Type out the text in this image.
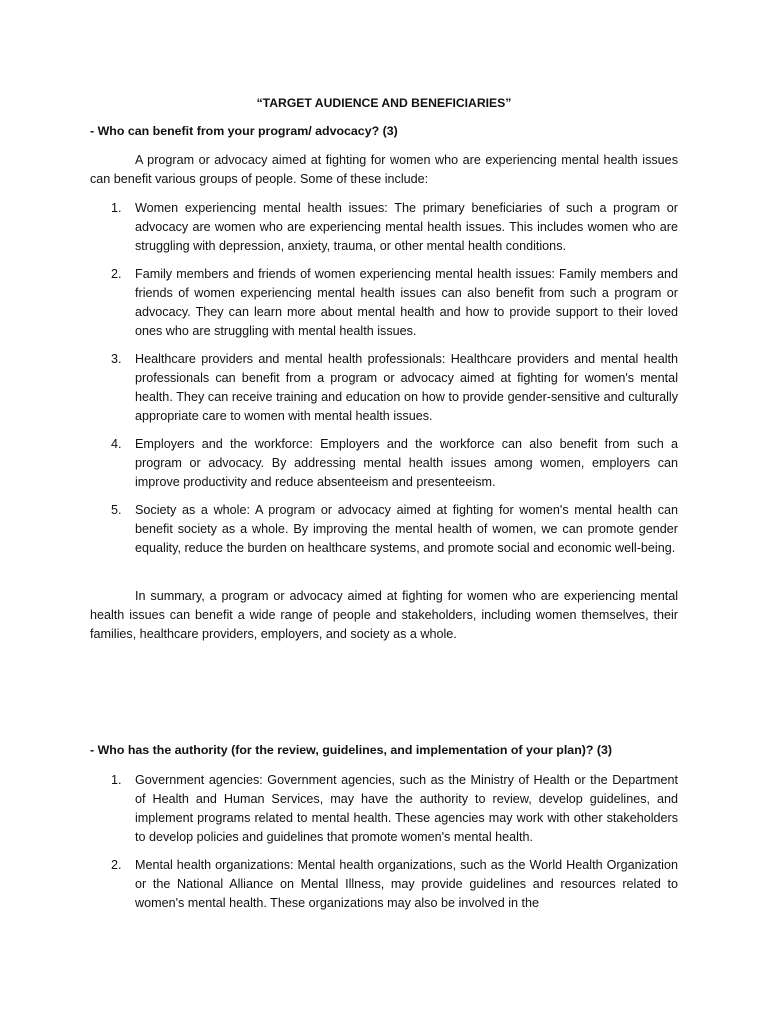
“TARGET AUDIENCE AND BENEFICIARIES”
- Who can benefit from your program/ advocacy? (3)

A program or advocacy aimed at fighting for women who are experiencing mental health issues can benefit various groups of people. Some of these include:

1. Women experiencing mental health issues: The primary beneficiaries of such a program or advocacy are women who are experiencing mental health issues. This includes women who are struggling with depression, anxiety, trauma, or other mental health conditions.
2. Family members and friends of women experiencing mental health issues: Family members and friends of women experiencing mental health issues can also benefit from such a program or advocacy. They can learn more about mental health and how to provide support to their loved ones who are struggling with mental health issues.
3. Healthcare providers and mental health professionals: Healthcare providers and mental health professionals can benefit from a program or advocacy aimed at fighting for women's mental health. They can receive training and education on how to provide gender-sensitive and culturally appropriate care to women with mental health issues.
4. Employers and the workforce: Employers and the workforce can also benefit from such a program or advocacy. By addressing mental health issues among women, employers can improve productivity and reduce absenteeism and presenteeism.
5. Society as a whole: A program or advocacy aimed at fighting for women's mental health can benefit society as a whole. By improving the mental health of women, we can promote gender equality, reduce the burden on healthcare systems, and promote social and economic well-being.

In summary, a program or advocacy aimed at fighting for women who are experiencing mental health issues can benefit a wide range of people and stakeholders, including women themselves, their families, healthcare providers, employers, and society as a whole.

- Who has the authority (for the review, guidelines, and implementation of your plan)? (3)
1. Government agencies: Government agencies, such as the Ministry of Health or the Department of Health and Human Services, may have the authority to review, develop guidelines, and implement programs related to mental health. These agencies may work with other stakeholders to develop policies and guidelines that promote women's mental health.
2. Mental health organizations: Mental health organizations, such as the World Health Organization or the National Alliance on Mental Illness, may provide guidelines and resources related to women's mental health. These organizations may also be involved in the
